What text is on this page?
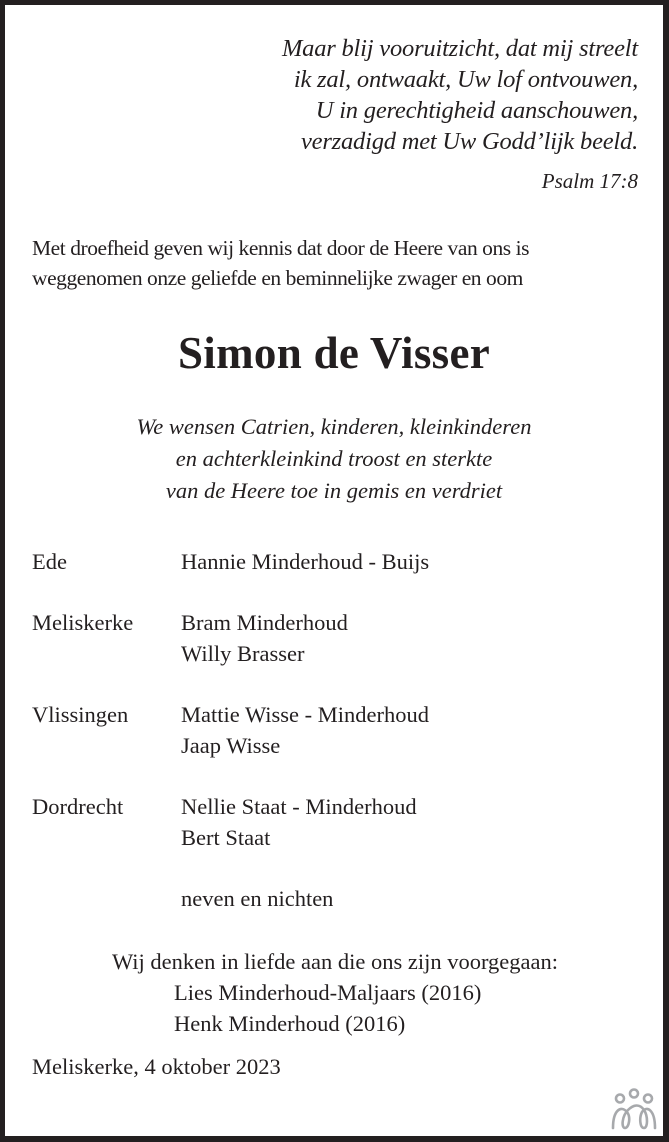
Maar blij vooruitzicht, dat mij streelt
ik zal, ontwaakt, Uw lof ontvouwen,
U in gerechtigheid aanschouwen,
verzadigd met Uw Godd’lijk beeld.
Psalm 17:8
Met droefheid geven wij kennis dat door de Heere van ons is
weggenomen onze geliefde en beminnelijke zwager en oom
Simon de Visser
We wensen Catrien, kinderen, kleinkinderen
en achterkleinkind troost en sterkte
van de Heere toe in gemis en verdriet
Ede	Hannie Minderhoud - Buijs
Meliskerke	Bram Minderhoud
Willy Brasser
Vlissingen	Mattie Wisse - Minderhoud
Jaap Wisse
Dordrecht	Nellie Staat - Minderhoud
Bert Staat
neven en nichten
Wij denken in liefde aan die ons zijn voorgegaan:
Lies Minderhoud-Maljaars (2016)
Henk Minderhoud (2016)
Meliskerke, 4 oktober 2023
